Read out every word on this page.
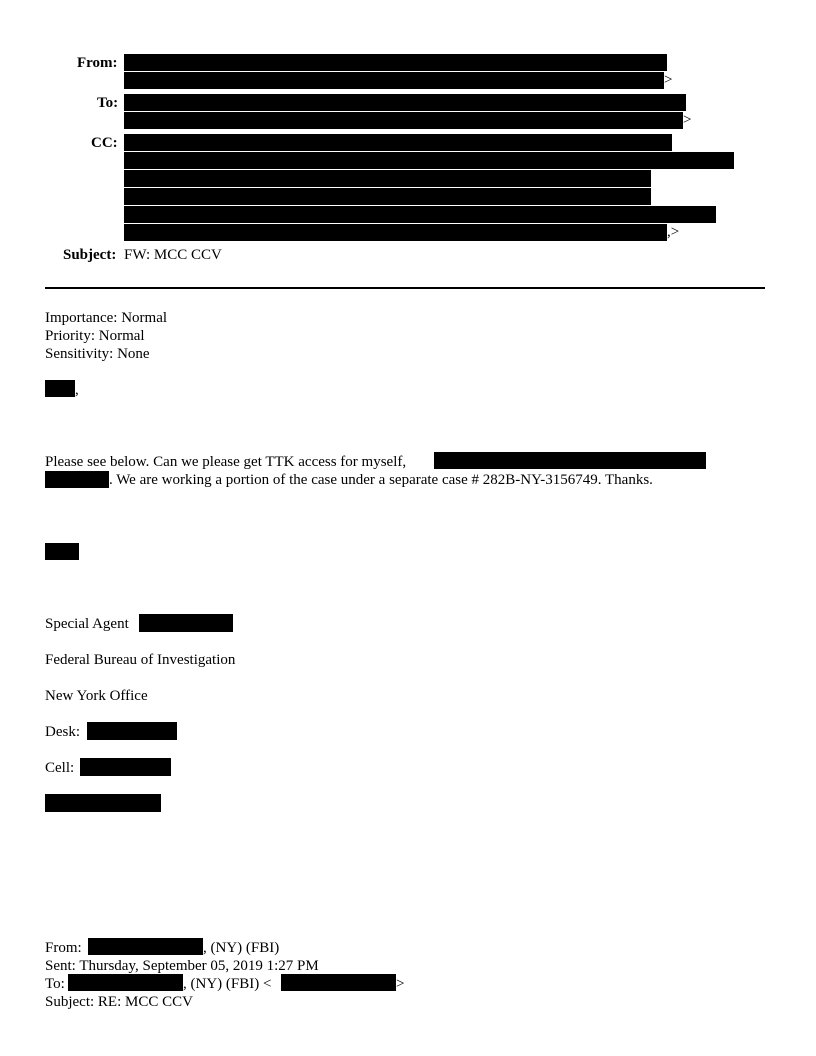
From:
>
To:
>
CC:
,>
Subject: FW: MCC CCV
Importance: Normal
Priority: Normal
Sensitivity: None
,
Please see below. Can we please get TTK access for myself,
. We are working a portion of the case under a separate case # 282B-NY-3156749. Thanks.
Special Agent
Federal Bureau of Investigation
New York Office
Desk:
Cell:
From:	, (NY) (FBI)
Sent: Thursday, September 05, 2019 1:27 PM
To:	, (NY) (FBI) <	>
Subject: RE: MCC CCV
